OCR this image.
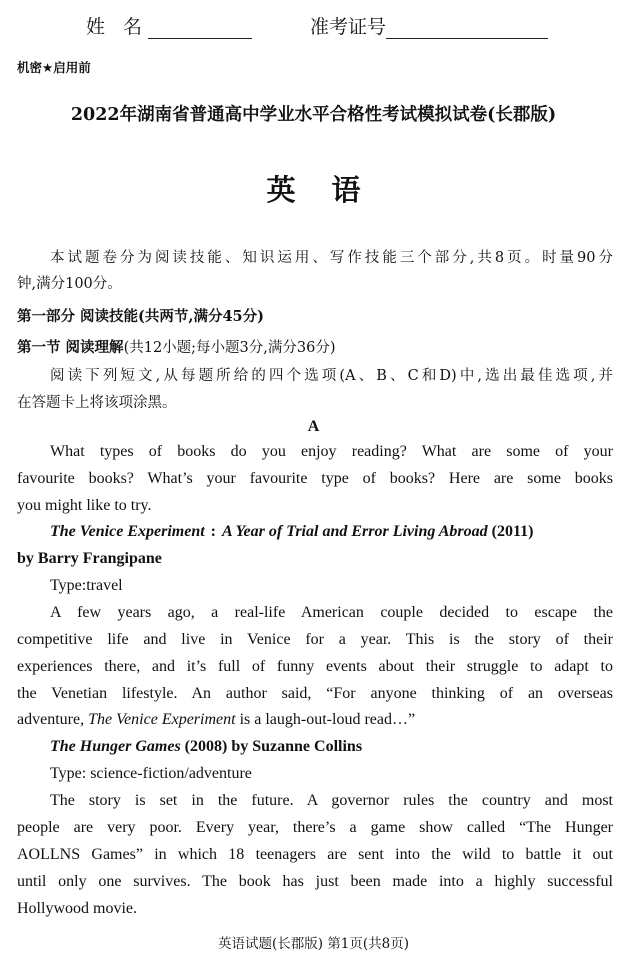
姓 名	准考证号
机密★启用前
2022年湖南省普通高中学业水平合格性考试模拟试卷(长郡版)
英语
本试题卷分为阅读技能、知识运用、写作技能三个部分,共8页。时量90分
钟,满分100分。
第一部分 阅读技能(共两节,满分45分)
第一节 阅读理解(共12小题;每小题3分,满分36分)
阅读下列短文,从每题所给的四个选项(A、B、C和D)中,选出最佳选项,并
在答题卡上将该项涂黑。
A
What types of books do you enjoy reading? What are some of your
favourite books? What’s your favourite type of books? Here are some books
you might like to try.
The Venice Experiment : A Year of Trial and Error Living Abroad (2011)
by Barry Frangipane
Type:travel
A few years ago, a real-life American couple decided to escape the
competitive life and live in Venice for a year. This is the story of their
experiences there, and it’s full of funny events about their struggle to adapt to
the Venetian lifestyle. An author said, “For anyone thinking of an overseas
adventure, The Venice Experiment is a laugh-out-loud read…”
The Hunger Games (2008) by Suzanne Collins
Type: science-fiction/adventure
The story is set in the future. A governor rules the country and most
people are very poor. Every year, there’s a game show called “The Hunger
AOLLNS Games” in which 18 teenagers are sent into the wild to battle it out
until only one survives. The book has just been made into a highly successful
Hollywood movie.
英语试题(长郡版) 第1页(共8页)
